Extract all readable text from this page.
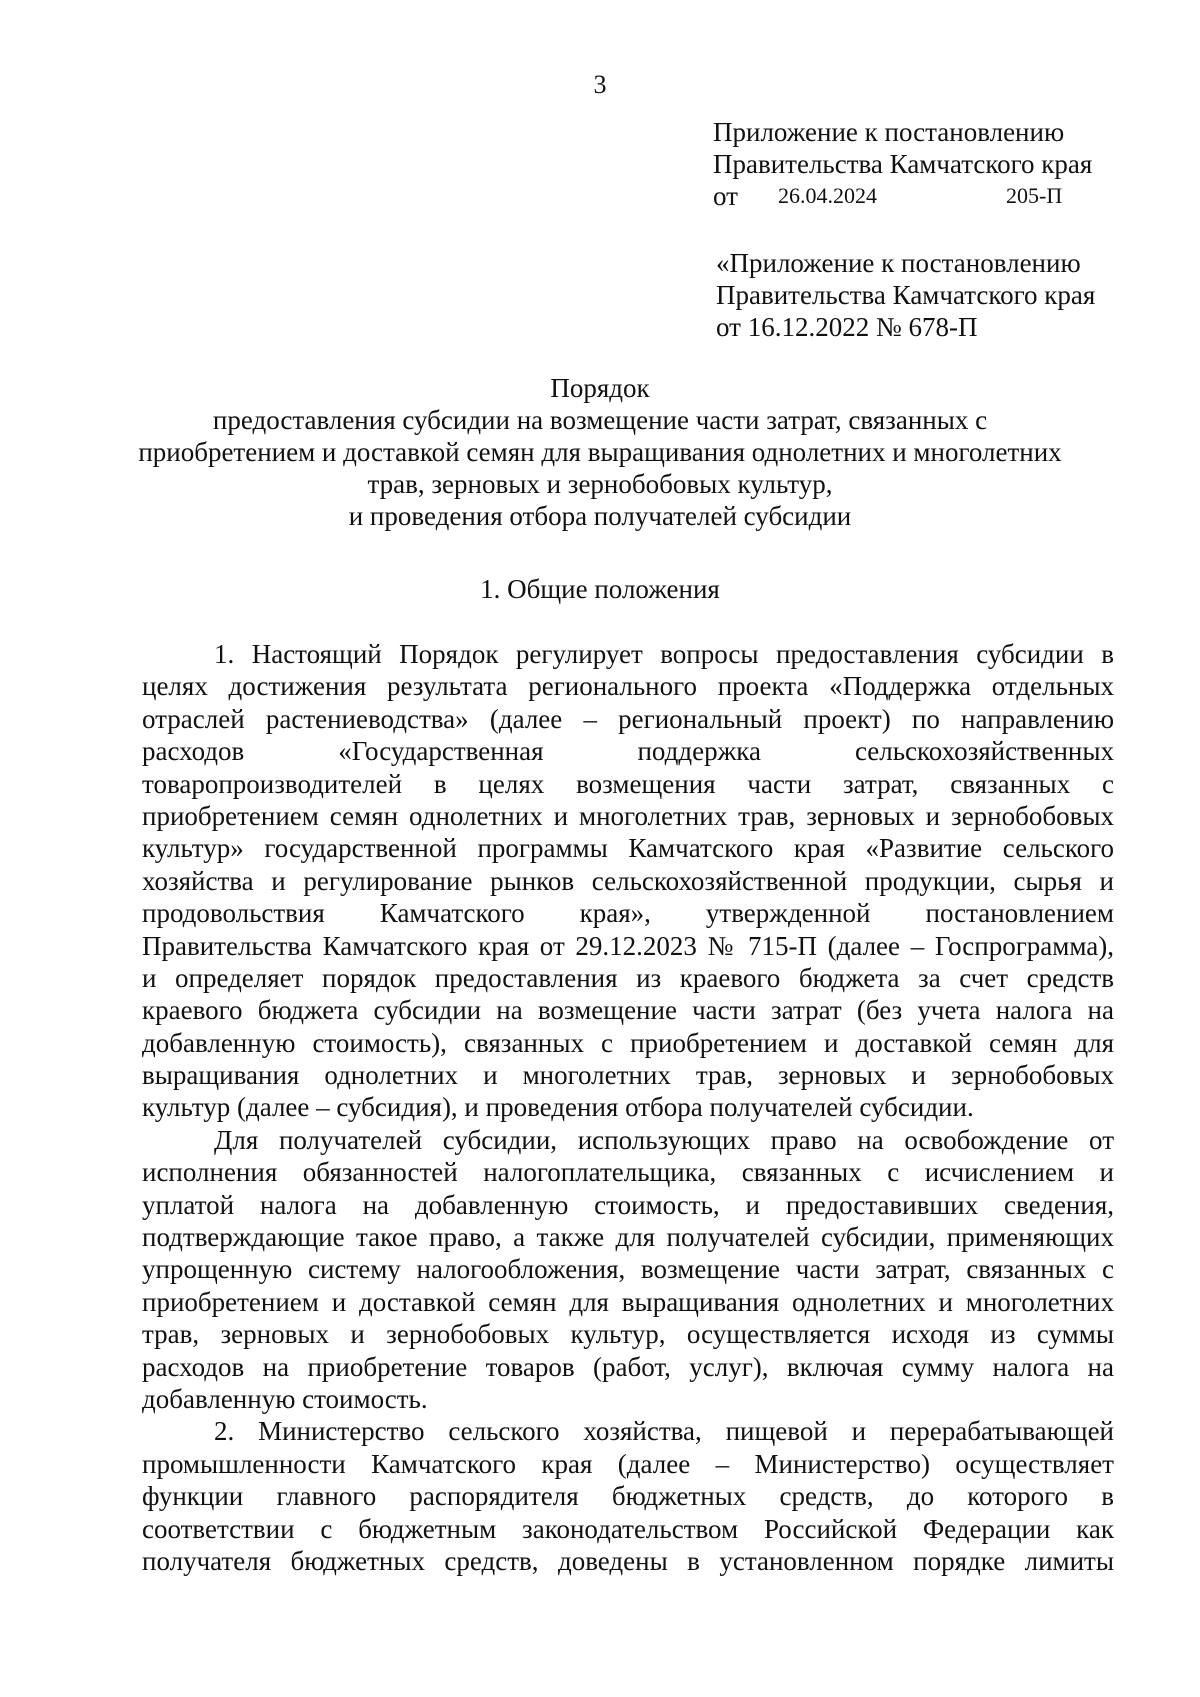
3
Приложение к постановлению
Правительства Камчатского края
от 26.04.2024	205-П
«Приложение к постановлению
Правительства Камчатского края
от 16.12.2022 № 678-П
Порядок
предоставления субсидии на возмещение части затрат, связанных с
приобретением и доставкой семян для выращивания однолетних и многолетних
трав, зерновых и зернобобовых культур,
и проведения отбора получателей субсидии
1. Общие положения
1. Настоящий Порядок регулирует вопросы предоставления субсидии в
целях достижения результата регионального проекта «Поддержка отдельных
отраслей растениеводства» (далее – региональный проект) по направлению
расходов «Государственная поддержка сельскохозяйственных
товаропроизводителей в целях возмещения части затрат, связанных с
приобретением семян однолетних и многолетних трав, зерновых и зернобобовых
культур» государственной программы Камчатского края «Развитие сельского
хозяйства и регулирование рынков сельскохозяйственной продукции, сырья и
продовольствия Камчатского края», утвержденной постановлением
Правительства Камчатского края от 29.12.2023 № 715-П (далее – Госпрограмма),
и определяет порядок предоставления из краевого бюджета за счет средств
краевого бюджета субсидии на возмещение части затрат (без учета налога на
добавленную стоимость), связанных с приобретением и доставкой семян для
выращивания однолетних и многолетних трав, зерновых и зернобобовых
культур (далее – субсидия), и проведения отбора получателей субсидии.
Для получателей субсидии, использующих право на освобождение от
исполнения обязанностей налогоплательщика, связанных с исчислением и
уплатой налога на добавленную стоимость, и предоставивших сведения,
подтверждающие такое право, а также для получателей субсидии, применяющих
упрощенную систему налогообложения, возмещение части затрат, связанных с
приобретением и доставкой семян для выращивания однолетних и многолетних
трав, зерновых и зернобобовых культур, осуществляется исходя из суммы
расходов на приобретение товаров (работ, услуг), включая сумму налога на
добавленную стоимость.
2. Министерство сельского хозяйства, пищевой и перерабатывающей
промышленности Камчатского края (далее – Министерство) осуществляет
функции главного распорядителя бюджетных средств, до которого в
соответствии с бюджетным законодательством Российской Федерации как
получателя бюджетных средств, доведены в установленном порядке лимиты
